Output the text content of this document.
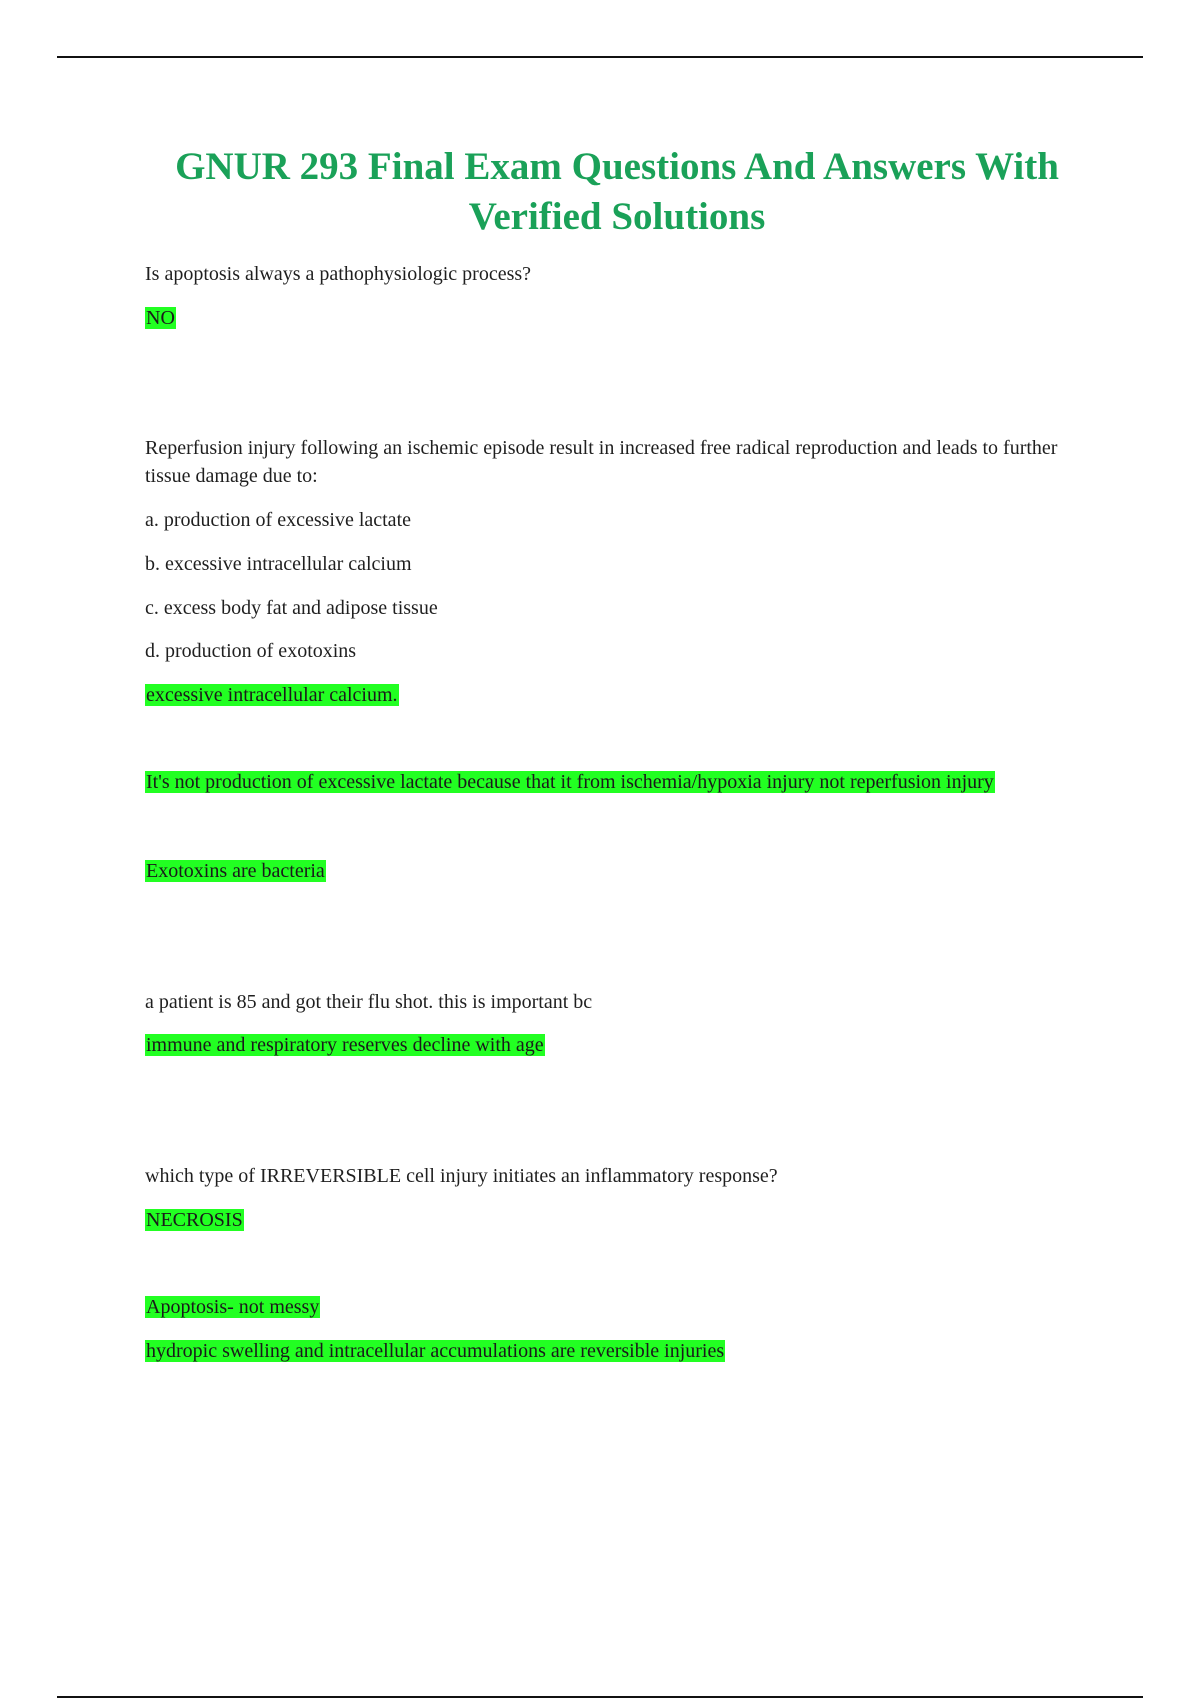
GNUR 293 Final Exam Questions And Answers With
Verified Solutions

Is apoptosis always a pathophysiologic process?

NO

Reperfusion injury following an ischemic episode result in increased free radical reproduction and leads to further tissue damage due to:

a. production of excessive lactate

b. excessive intracellular calcium

c. excess body fat and adipose tissue

d. production of exotoxins

excessive intracellular calcium.

It's not production of excessive lactate because that it from ischemia/hypoxia injury not reperfusion injury

Exotoxins are bacteria

a patient is 85 and got their flu shot. this is important bc

immune and respiratory reserves decline with age

which type of IRREVERSIBLE cell injury initiates an inflammatory response?

NECROSIS

Apoptosis- not messy

hydropic swelling and intracellular accumulations are reversible injuries
